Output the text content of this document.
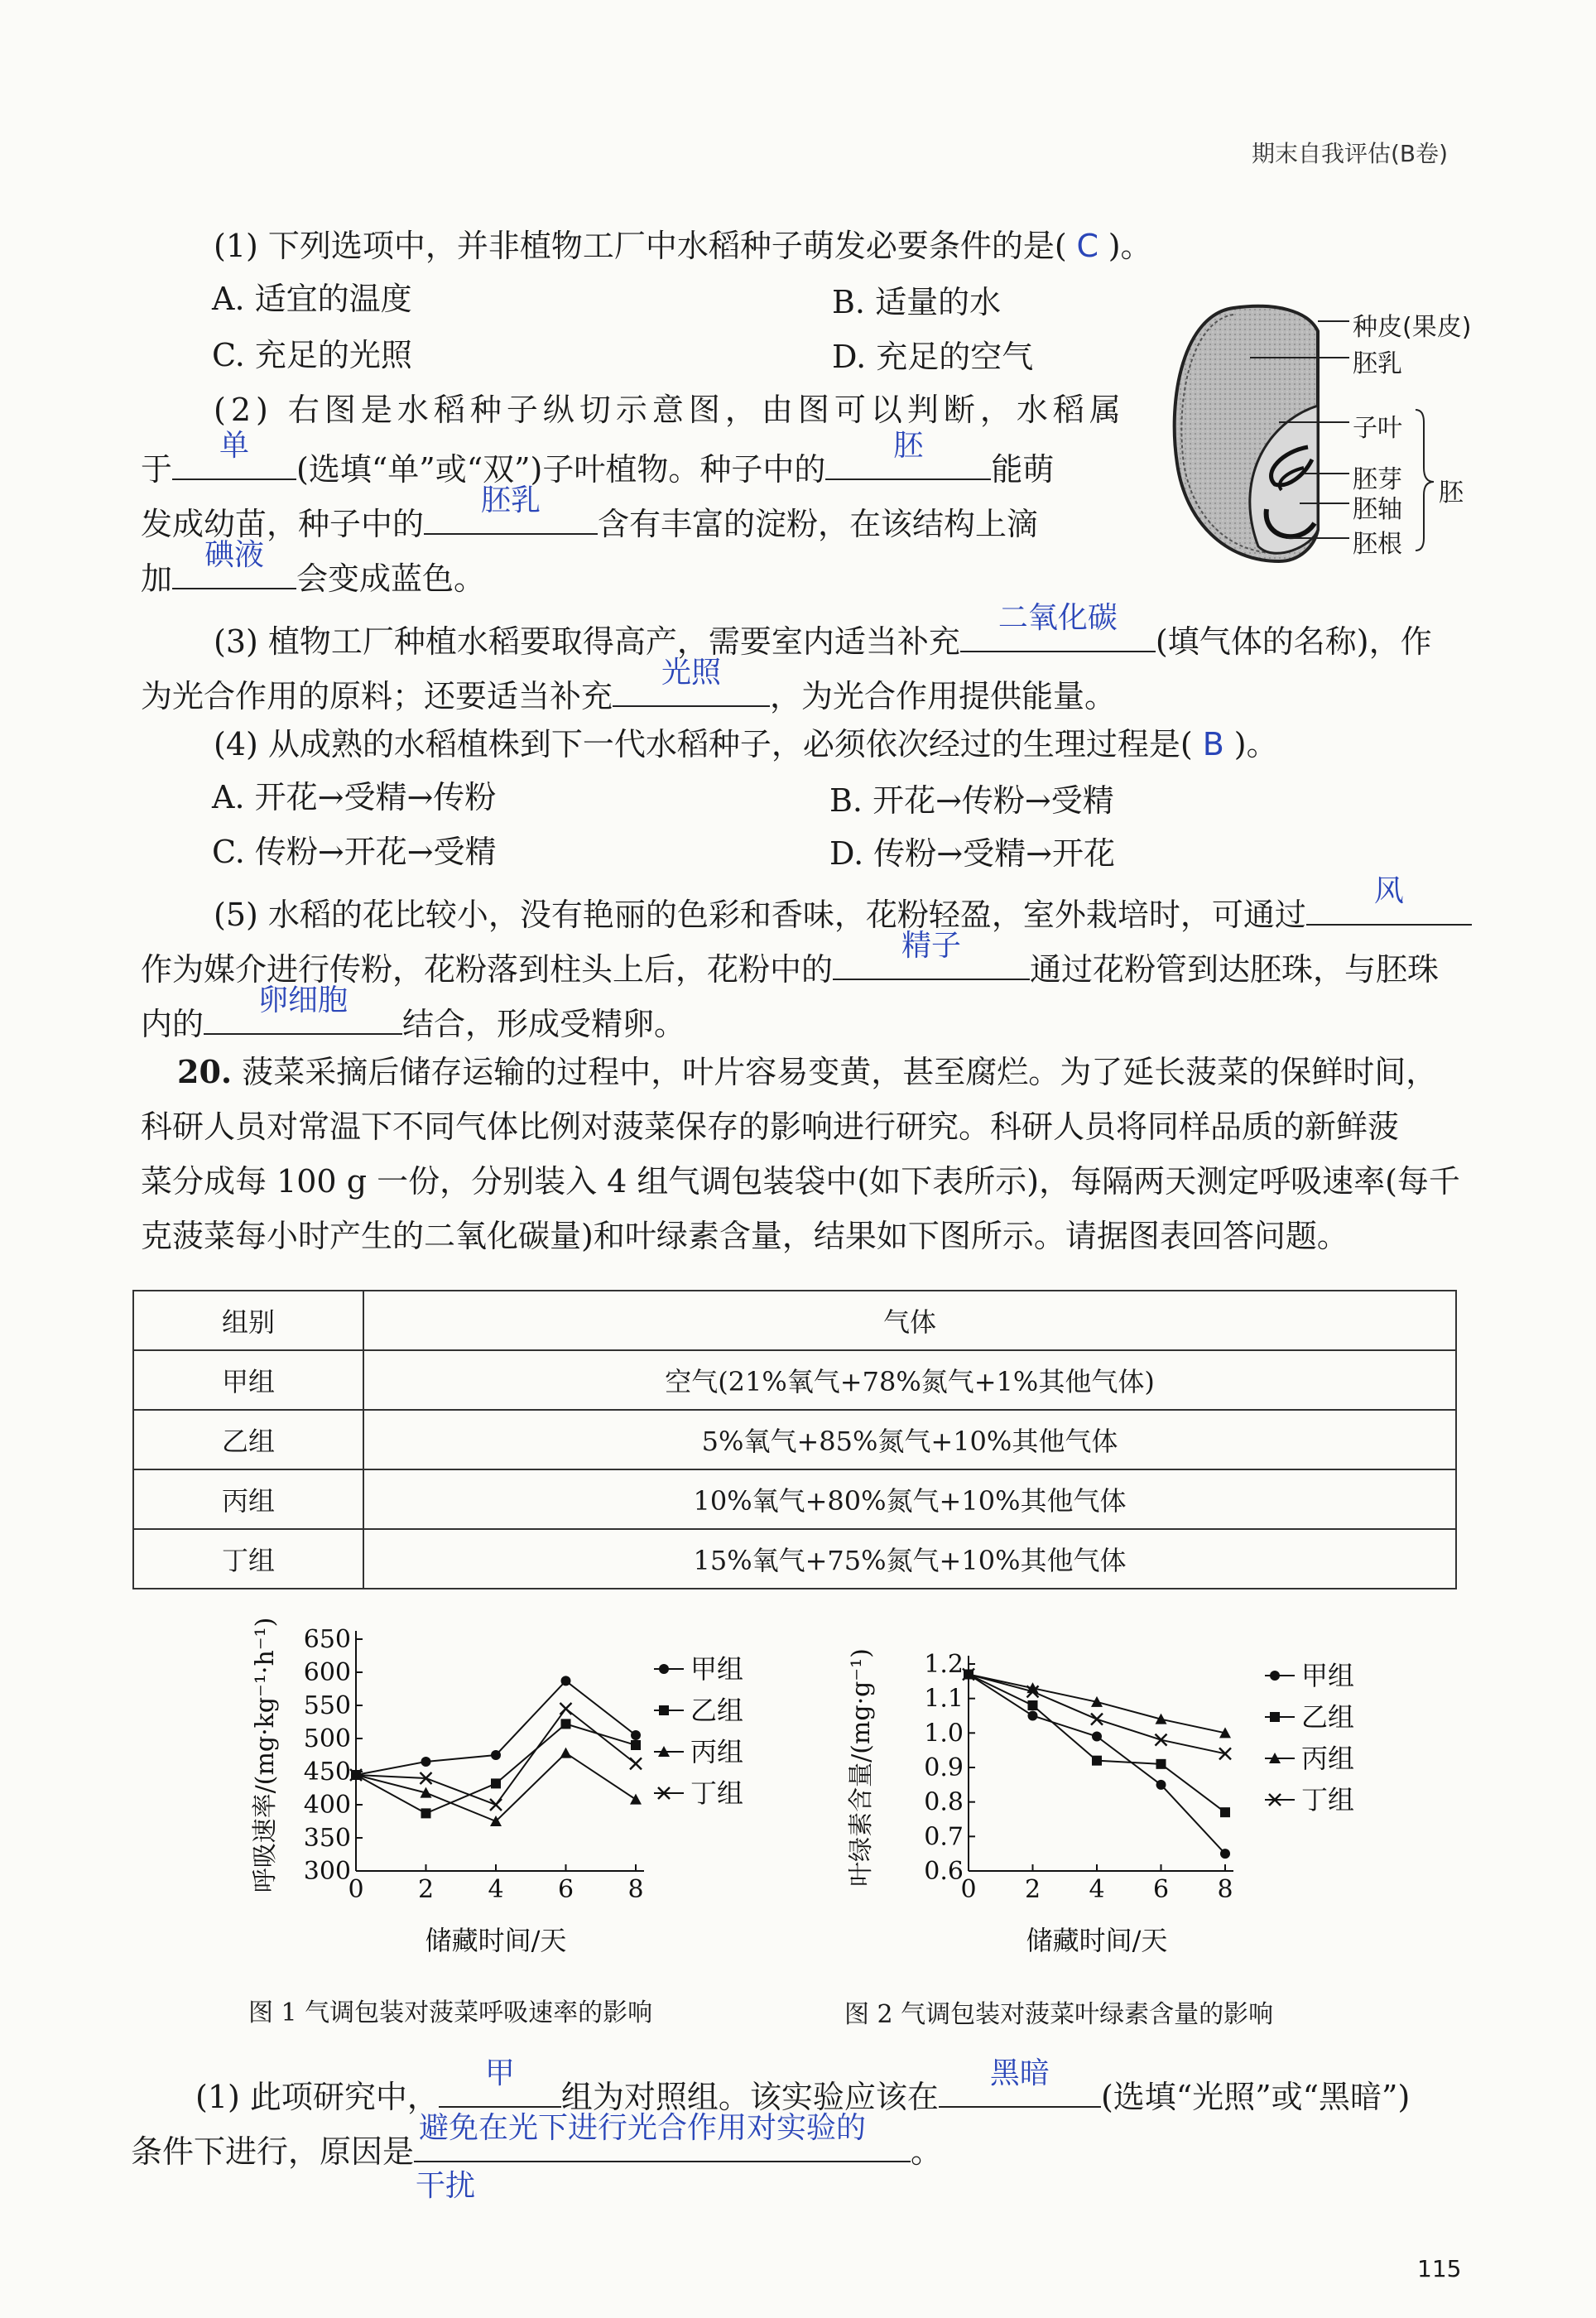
期末自我评估(B卷)
(1) 下列选项中，并非植物工厂中水稻种子萌发必要条件的是( C )。
A. 适宜的温度	B. 适量的水
C. 充足的光照	D. 充足的空气
(2) 右图是水稻种子纵切示意图，由图可以判断，水稻属
于
单
(选填“单”或“双”)子叶植物。种子中的
胚
能萌
发成幼苗，种子中的
胚乳
含有丰富的淀粉，在该结构上滴
加
碘液
会变成蓝色。
种皮(果皮)
胚乳
子叶
胚芽
胚轴
胚根
胚
(3) 植物工厂种植水稻要取得高产，需要室内适当补充
二氧化碳
(填气体的名称)，作
为光合作用的原料；还要适当补充
光照
，为光合作用提供能量。
(4) 从成熟的水稻植株到下一代水稻种子，必须依次经过的生理过程是( B )。
A. 开花→受精→传粉	B. 开花→传粉→受精
C. 传粉→开花→受精	D. 传粉→受精→开花
(5) 水稻的花比较小，没有艳丽的色彩和香味，花粉轻盈，室外栽培时，可通过
风
作为媒介进行传粉，花粉落到柱头上后，花粉中的
精子
通过花粉管到达胚珠，与胚珠
内的
卵细胞
结合，形成受精卵。
20. 菠菜采摘后储存运输的过程中，叶片容易变黄，甚至腐烂。为了延长菠菜的保鲜时间，
科研人员对常温下不同气体比例对菠菜保存的影响进行研究。科研人员将同样品质的新鲜菠
菜分成每 100 g 一份，分别装入 4 组气调包装袋中(如下表所示)，每隔两天测定呼吸速率(每千
克菠菜每小时产生的二氧化碳量)和叶绿素含量，结果如下图所示。请据图表回答问题。
组别	气体
甲组	空气(21%氧气+78%氮气+1%其他气体)
乙组	5%氧气+85%氮气+10%其他气体
丙组	10%氧气+80%氮气+10%其他气体
丁组	15%氧气+75%氮气+10%其他气体
300
350
400
450
500
550
600
650
0 2 4 6 8
储藏时间/天
呼吸速率/(mg·kg⁻¹·h⁻¹)	甲组
乙组
丙组
丁组
0.6
0.7
0.8
0.9
1.0
1.1
1.2
0 2 4 6 8
储藏时间/天
叶绿素含量/(mg·g⁻¹)	甲组
乙组
丙组
丁组
图 1 气调包装对菠菜呼吸速率的影响	图 2 气调包装对菠菜叶绿素含量的影响
(1) 此项研究中，
甲
组为对照组。该实验应该在
黑暗
(选填“光照”或“黑暗”)
条件下进行，原因是
避免在光下进行光合作用对实验的
。
干扰
115
